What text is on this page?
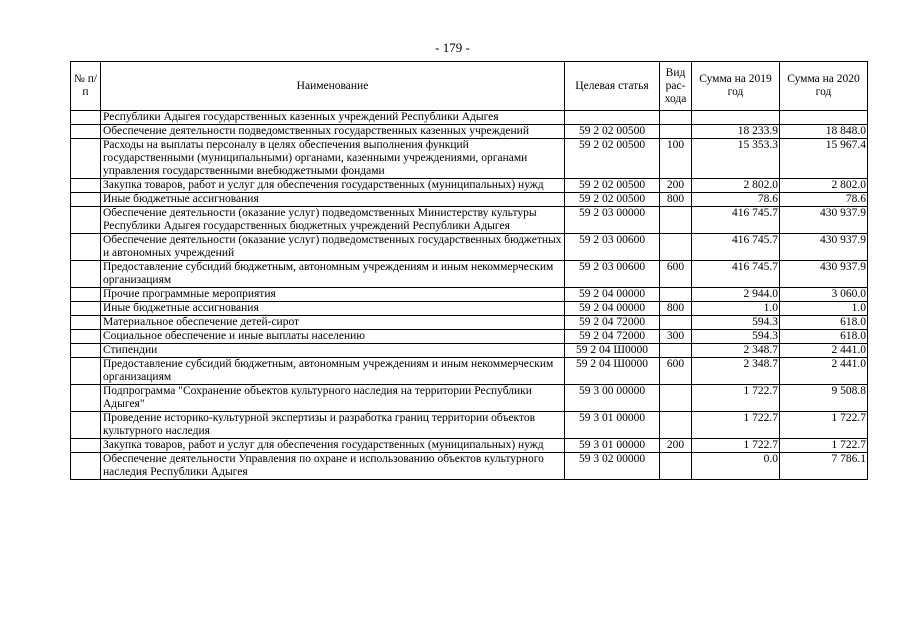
- 179 -
№ п/п	Наименование	Целевая статья	Вид рас-хода	Сумма на 2019 год	Сумма на 2020 год
	Республики Адыгея государственных казенных учреждений Республики Адыгея				
	Обеспечение деятельности подведомственных государственных казенных учреждений	59 2 02 00500		18 233.9	18 848.0
	Расходы на выплаты персоналу в целях обеспечения выполнения функций государственными (муниципальными) органами, казенными учреждениями, органами управления государственными внебюджетными фондами	59 2 02 00500	100	15 353.3	15 967.4
	Закупка товаров, работ и услуг для обеспечения государственных (муниципальных) нужд	59 2 02 00500	200	2 802.0	2 802.0
	Иные бюджетные ассигнования	59 2 02 00500	800	78.6	78.6
	Обеспечение деятельности (оказание услуг) подведомственных Министерству культуры Республики Адыгея государственных бюджетных учреждений Республики Адыгея	59 2 03 00000		416 745.7	430 937.9
	Обеспечение деятельности (оказание услуг) подведомственных государственных бюджетных и автономных учреждений	59 2 03 00600		416 745.7	430 937.9
	Предоставление субсидий бюджетным, автономным учреждениям и иным некоммерческим организациям	59 2 03 00600	600	416 745.7	430 937.9
	Прочие программные мероприятия	59 2 04 00000		2 944.0	3 060.0
	Иные бюджетные ассигнования	59 2 04 00000	800	1.0	1.0
	Материальное обеспечение детей-сирот	59 2 04 72000		594.3	618.0
	Социальное обеспечение и иные выплаты населению	59 2 04 72000	300	594.3	618.0
	Стипендии	59 2 04 Ш0000		2 348.7	2 441.0
	Предоставление субсидий бюджетным, автономным учреждениям и иным некоммерческим организациям	59 2 04 Ш0000	600	2 348.7	2 441.0
	Подпрограмма "Сохранение объектов культурного наследия на территории Республики Адыгея"	59 3 00 00000		1 722.7	9 508.8
	Проведение историко-культурной экспертизы и разработка границ территории объектов культурного наследия	59 3 01 00000		1 722.7	1 722.7
	Закупка товаров, работ и услуг для обеспечения государственных (муниципальных) нужд	59 3 01 00000	200	1 722.7	1 722.7
	Обеспечение деятельности Управления по охране и использованию объектов культурного наследия Республики Адыгея	59 3 02 00000		0.0	7 786.1
